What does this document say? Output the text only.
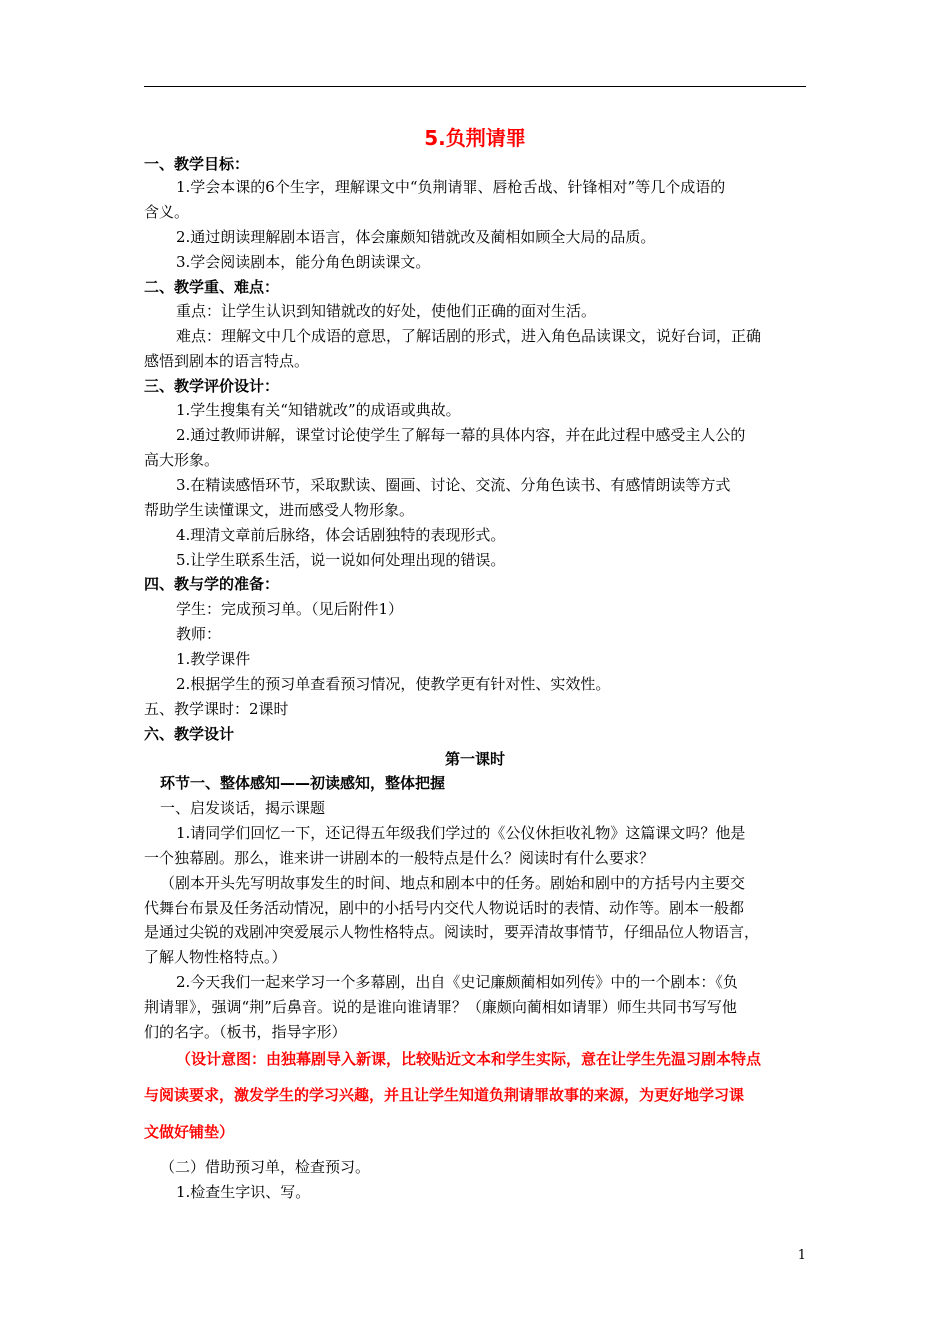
5.负荆请罪
一、教学目标：
1.学会本课的6个生字，理解课文中“负荆请罪、唇枪舌战、针锋相对”等几个成语的
含义。
2.通过朗读理解剧本语言，体会廉颇知错就改及蔺相如顾全大局的品质。
3.学会阅读剧本，能分角色朗读课文。
二、教学重、难点：
重点：让学生认识到知错就改的好处，使他们正确的面对生活。
难点：理解文中几个成语的意思，了解话剧的形式，进入角色品读课文，说好台词，正确
感悟到剧本的语言特点。
三、教学评价设计：
1.学生搜集有关“知错就改”的成语或典故。
2.通过教师讲解，课堂讨论使学生了解每一幕的具体内容，并在此过程中感受主人公的
高大形象。
3.在精读感悟环节，采取默读、圈画、讨论、交流、分角色读书、有感情朗读等方式
帮助学生读懂课文，进而感受人物形象。
4.理清文章前后脉络，体会话剧独特的表现形式。
5.让学生联系生活，说一说如何处理出现的错误。
四、教与学的准备：
学生：完成预习单。（见后附件1）
教师：
1.教学课件
2.根据学生的预习单查看预习情况，使教学更有针对性、实效性。
五、教学课时：2课时
六、教学设计
第一课时
环节一、整体感知——初读感知，整体把握
一、启发谈话，揭示课题
1.请同学们回忆一下，还记得五年级我们学过的《公仪休拒收礼物》这篇课文吗？他是
一个独幕剧。那么，谁来讲一讲剧本的一般特点是什么？阅读时有什么要求？
（剧本开头先写明故事发生的时间、地点和剧本中的任务。剧始和剧中的方括号内主要交
代舞台布景及任务活动情况，剧中的小括号内交代人物说话时的表情、动作等。剧本一般都
是通过尖锐的戏剧冲突爱展示人物性格特点。阅读时，要弄清故事情节，仔细品位人物语言，
了解人物性格特点。）
2.今天我们一起来学习一个多幕剧，出自《史记廉颇蔺相如列传》中的一个剧本：《负
荆请罪》，强调“荆”后鼻音。说的是谁向谁请罪？（廉颇向蔺相如请罪）师生共同书写写他
们的名字。（板书，指导字形）
（设计意图：由独幕剧导入新课，比较贴近文本和学生实际，意在让学生先温习剧本特点
与阅读要求，激发学生的学习兴趣，并且让学生知道负荆请罪故事的来源，为更好地学习课
文做好铺垫）
（二）借助预习单，检查预习。
1.检查生字识、写。
1
